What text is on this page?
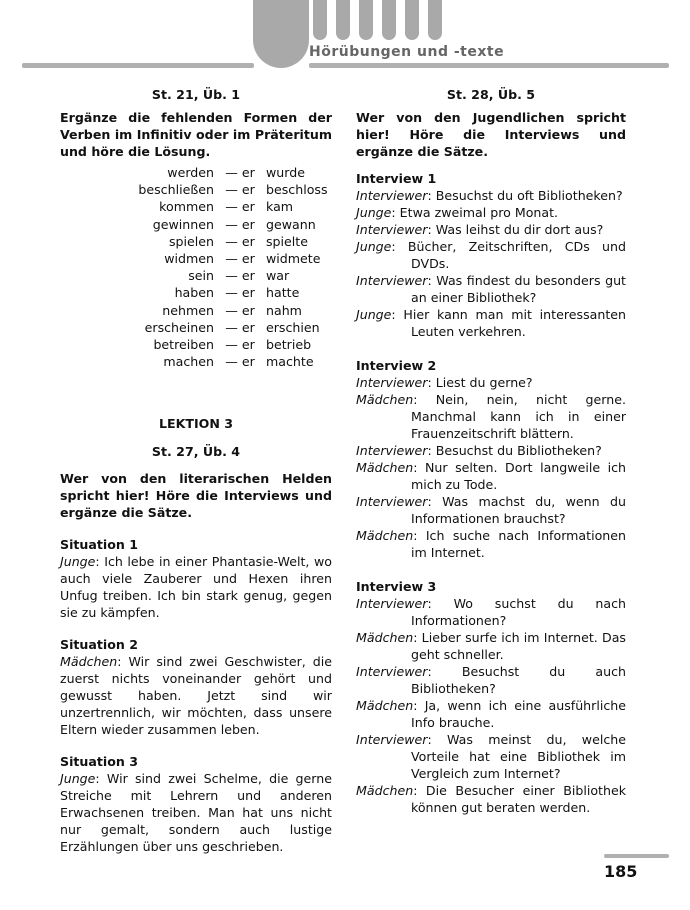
Hörübungen und -texte

St. 21, Üb. 1

Ergänze die fehlenden Formen der Verben im Infinitiv oder im Präteritum und höre die Lösung.

werden	— er	wurde
beschließen	— er	beschloss
kommen	— er	kam
gewinnen	— er	gewann
spielen	— er	spielte
widmen	— er	widmete
sein	— er	war
haben	— er	hatte
nehmen	— er	nahm
erscheinen	— er	erschien
betreiben	— er	betrieb
machen	— er	machte

LEKTION 3

St. 27, Üb. 4

Wer von den literarischen Helden spricht hier! Höre die Interviews und ergänze die Sätze.

Situation 1

Junge: Ich lebe in einer Phantasie-Welt, wo auch viele Zauberer und Hexen ihren Unfug treiben. Ich bin stark genug, gegen sie zu kämpfen.

Situation 2

Mädchen: Wir sind zwei Geschwister, die zuerst nichts voneinander gehört und gewusst haben. Jetzt sind wir unzertrennlich, wir möchten, dass unsere Eltern wieder zusammen leben.

Situation 3

Junge: Wir sind zwei Schelme, die gerne Streiche mit Lehrern und anderen Erwachsenen treiben. Man hat uns nicht nur gemalt, sondern auch lustige Erzählungen über uns geschrieben.

St. 28, Üb. 5

Wer von den Jugendlichen spricht hier! Höre die Interviews und ergänze die Sätze.

Interview 1

Interviewer: Besuchst du oft Bibliotheken?

Junge: Etwa zweimal pro Monat.

Interviewer: Was leihst du dir dort aus?

Junge: Bücher, Zeitschriften, CDs und DVDs.

Interviewer: Was findest du besonders gut an einer Bibliothek?

Junge: Hier kann man mit interessanten Leuten verkehren.

Interview 2

Interviewer: Liest du gerne?

Mädchen: Nein, nein, nicht gerne. Manchmal kann ich in einer Frauenzeitschrift blättern.

Interviewer: Besuchst du Bibliotheken?

Mädchen: Nur selten. Dort langweile ich mich zu Tode.

Interviewer: Was machst du, wenn du Informationen brauchst?

Mädchen: Ich suche nach Informationen im Internet.

Interview 3

Interviewer: Wo suchst du nach Informationen?

Mädchen: Lieber surfe ich im Internet. Das geht schneller.

Interviewer: Besuchst du auch Bibliotheken?

Mädchen: Ja, wenn ich eine ausführliche Info brauche.

Interviewer: Was meinst du, welche Vorteile hat eine Bibliothek im Vergleich zum Internet?

Mädchen: Die Besucher einer Bibliothek können gut beraten werden.

185
